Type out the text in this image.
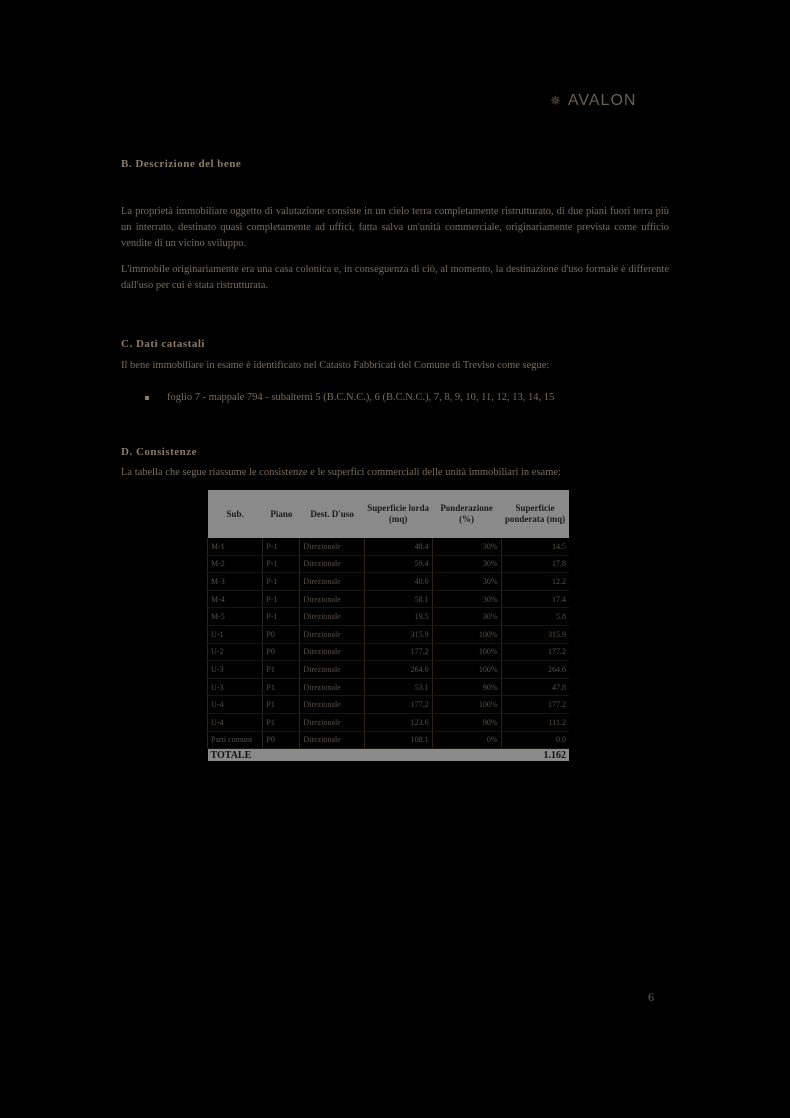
✵ AVALON
B. Descrizione del bene

La proprietà immobiliare oggetto di valutazione consiste in un cielo terra completamente ristrutturato, di due piani fuori terra più un interrato, destinato quasi completamente ad uffici, fatta salva un'unità commerciale, originariamente prevista come ufficio vendite di un vicino sviluppo.

L'immobile originariamente era una casa colonica e, in conseguenza di ciò, al momento, la destinazione d'uso formale è differente dall'uso per cui è stata ristrutturata.

C. Dati catastali

Il bene immobiliare in esame è identificato nel Catasto Fabbricati del Comune di Treviso come segue:

foglio 7 - mappale 794 - subalterni 5 (B.C.N.C.), 6 (B.C.N.C.), 7, 8, 9, 10, 11, 12, 13, 14, 15
D. Consistenze

La tabella che segue riassume le consistenze e le superfici commerciali delle unità immobiliari in esame:

Sub.	Piano	Dest. D'uso	Superficie lorda (mq)	Ponderazione (%)	Superficie ponderata (mq)
M-1	P-1	Direzionale	48.4	30%	14.5
M-2	P-1	Direzionale	59.4	30%	17.8
M-3	P-1	Direzionale	40.6	30%	12.2
M-4	P-1	Direzionale	58.1	30%	17.4
M-5	P-1	Direzionale	19.5	30%	5.8
U-1	P0	Direzionale	315.9	100%	315.9
U-2	P0	Direzionale	177.2	100%	177.2
U-3	P1	Direzionale	264.6	100%	264.6
U-3	P1	Direzionale	53.1	90%	47.8
U-4	P1	Direzionale	177.2	100%	177.2
U-4	P1	Direzionale	123.6	90%	111.2
Parti comuni	P0	Direzionale	108.1	0%	0.0
TOTALE					1.162
6
